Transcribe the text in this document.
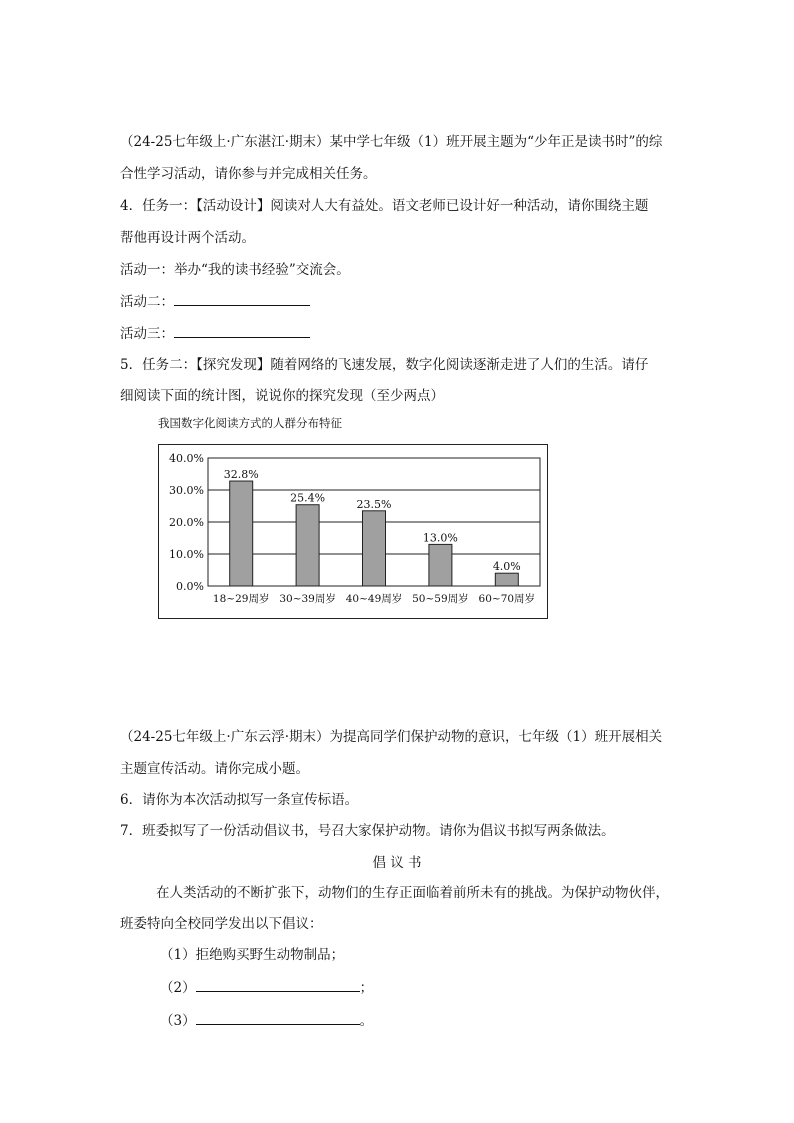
（24-25七年级上·广东湛江·期末）某中学七年级（1）班开展主题为“少年正是读书时”的综
合性学习活动，请你参与并完成相关任务。
4．任务一：【活动设计】阅读对人大有益处。语文老师已设计好一种活动，请你围绕主题
帮他再设计两个活动。
活动一：举办“我的读书经验”交流会。
活动二：
活动三：
5．任务二：【探究发现】随着网络的飞速发展，数字化阅读逐渐走进了人们的生活。请仔
细阅读下面的统计图，说说你的探究发现（至少两点）
我国数字化阅读方式的人群分布特征
0.0%
10.0%
20.0%
30.0%
40.0%
32.8%
18~29周岁
25.4%
30~39周岁
23.5%
40~49周岁
13.0%
50~59周岁
4.0%
60~70周岁
（24-25七年级上·广东云浮·期末）为提高同学们保护动物的意识，七年级（1）班开展相关
主题宣传活动。请你完成小题。
6．请你为本次活动拟写一条宣传标语。
7．班委拟写了一份活动倡议书，号召大家保护动物。请你为倡议书拟写两条做法。
倡 议 书
在人类活动的不断扩张下，动物们的生存正面临着前所未有的挑战。为保护动物伙伴，
班委特向全校同学发出以下倡议：
（1）拒绝购买野生动物制品；
（2）	；
（3）	。
